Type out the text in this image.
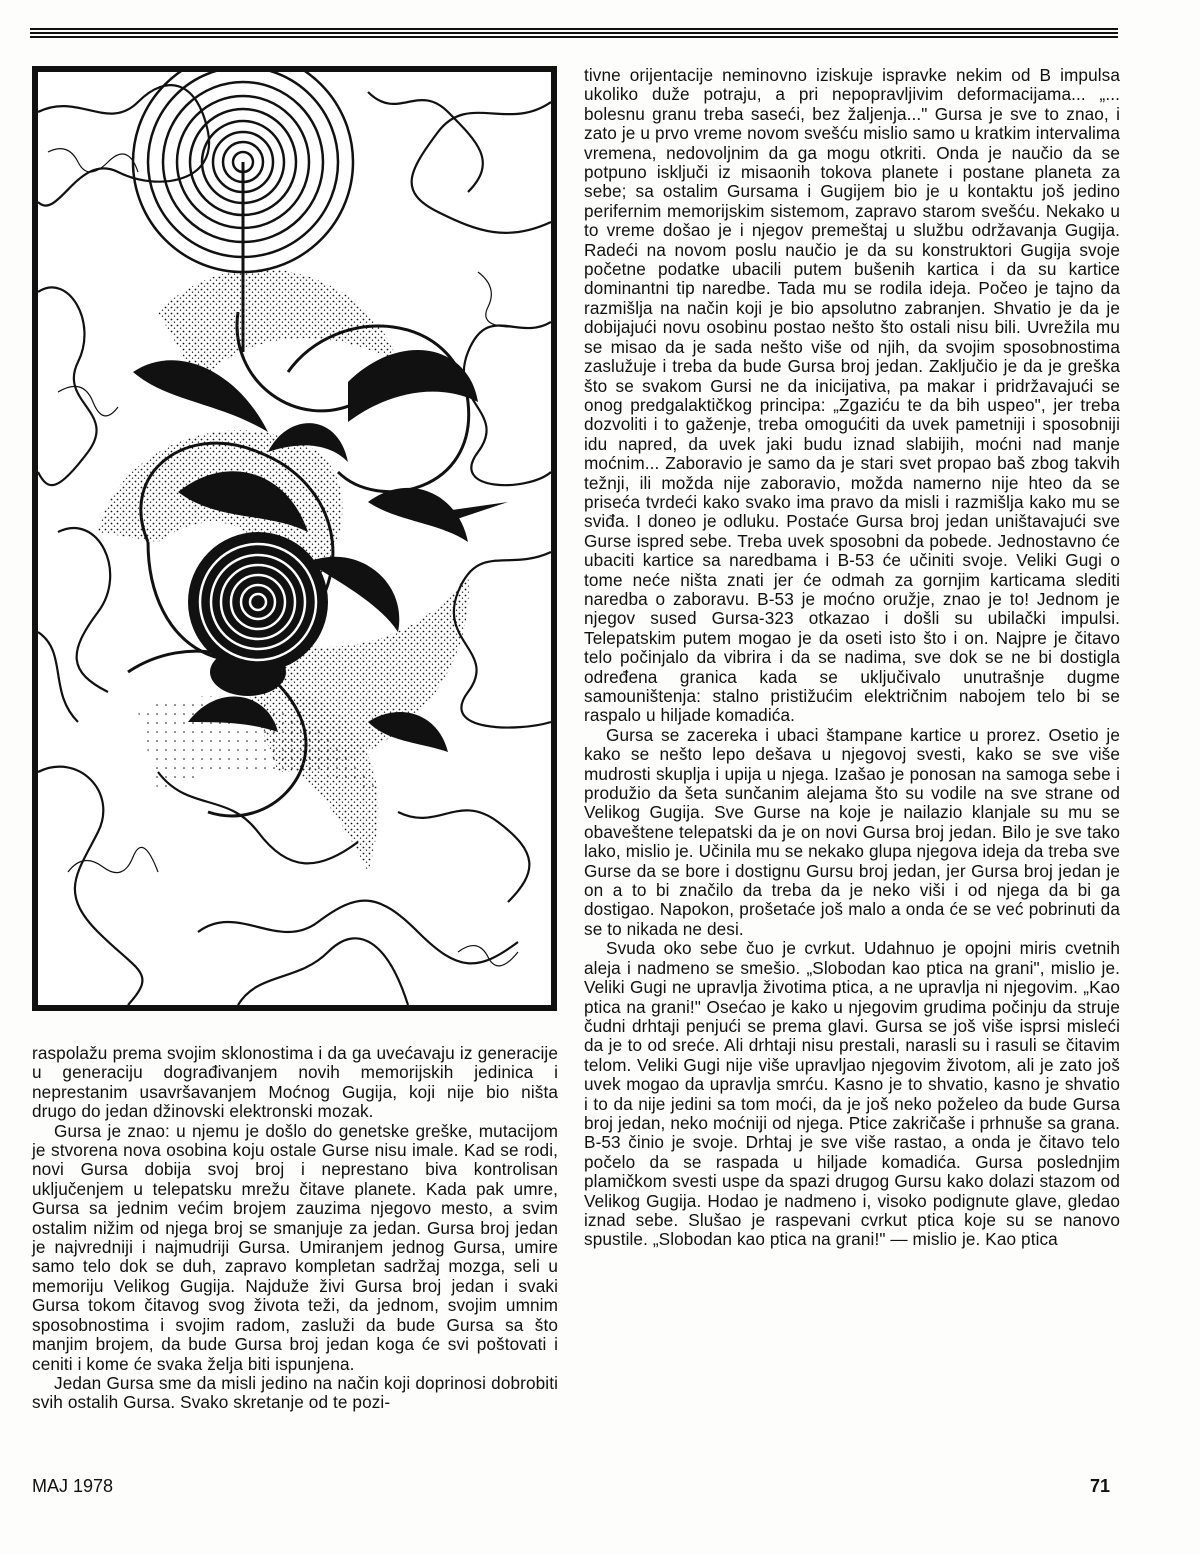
raspolažu prema svojim sklonostima i da ga uvećavaju iz generacije u generaciju dograđivanjem novih memorijskih jedinica i neprestanim usavršavanjem Moćnog Gugija, koji nije bio ništa drugo do jedan džinovski elektronski mozak.

Gursa je znao: u njemu je došlo do genetske greške, mutacijom je stvorena nova osobina koju ostale Gurse nisu imale. Kad se rodi, novi Gursa dobija svoj broj i neprestano biva kontrolisan uključenjem u telepatsku mrežu čitave planete. Kada pak umre, Gursa sa jednim većim brojem zauzima njegovo mesto, a svim ostalim nižim od njega broj se smanjuje za jedan. Gursa broj jedan je najvredniji i najmudriji Gursa. Umiranjem jednog Gursa, umire samo telo dok se duh, zapravo kompletan sadržaj mozga, seli u memoriju Velikog Gugija. Najduže živi Gursa broj jedan i svaki Gursa tokom čitavog svog života teži, da jednom, svojim umnim sposobnostima i svojim radom, zasluži da bude Gursa sa što manjim brojem, da bude Gursa broj jedan koga će svi poštovati i ceniti i kome će svaka želja biti ispunjena.

Jedan Gursa sme da misli jedino na način koji doprinosi dobrobiti svih ostalih Gursa. Svako skretanje od te pozi-

tivne orijentacije neminovno iziskuje ispravke nekim od B impulsa ukoliko duže potraju, a pri nepopravljivim deformacijama... „... bolesnu granu treba saseći, bez žaljenja..." Gursa je sve to znao, i zato je u prvo vreme novom svešću mislio samo u kratkim intervalima vremena, nedovoljnim da ga mogu otkriti. Onda je naučio da se potpuno isključi iz misaonih tokova planete i postane planeta za sebe; sa ostalim Gursama i Gugijem bio je u kontaktu još jedino perifernim memorijskim sistemom, zapravo starom svešću. Nekako u to vreme došao je i njegov premeštaj u službu održavanja Gugija. Radeći na novom poslu naučio je da su konstruktori Gugija svoje početne podatke ubacili putem bušenih kartica i da su kartice dominantni tip naredbe. Tada mu se rodila ideja. Počeo je tajno da razmišlja na način koji je bio apsolutno zabranjen. Shvatio je da je dobijajući novu osobinu postao nešto što ostali nisu bili. Uvrežila mu se misao da je sada nešto više od njih, da svojim sposobnostima zaslužuje i treba da bude Gursa broj jedan. Zaključio je da je greška što se svakom Gursi ne da inicijativa, pa makar i pridržavajući se onog predgalaktičkog principa: „Zgaziću te da bih uspeo", jer treba dozvoliti i to gaženje, treba omogućiti da uvek pametniji i sposobniji idu napred, da uvek jaki budu iznad slabijih, moćni nad manje moćnim... Zaboravio je samo da je stari svet propao baš zbog takvih težnji, ili možda nije zaboravio, možda namerno nije hteo da se priseća tvrdeći kako svako ima pravo da misli i razmišlja kako mu se sviđa. I doneo je odluku. Postaće Gursa broj jedan uništavajući sve Gurse ispred sebe. Treba uvek sposobni da pobede. Jednostavno će ubaciti kartice sa naredbama i B-53 će učiniti svoje. Veliki Gugi o tome neće ništa znati jer će odmah za gornjim karticama slediti naredba o zaboravu. B-53 je moćno oružje, znao je to! Jednom je njegov sused Gursa-323 otkazao i došli su ubilački impulsi. Telepatskim putem mogao je da oseti isto što i on. Najpre je čitavo telo počinjalo da vibrira i da se nadima, sve dok se ne bi dostigla određena granica kada se uključivalo unutrašnje dugme samouništenja: stalno pristižućim električnim nabojem telo bi se raspalo u hiljade komadića.

Gursa se zacereka i ubaci štampane kartice u prorez. Osetio je kako se nešto lepo dešava u njegovoj svesti, kako se sve više mudrosti skuplja i upija u njega. Izašao je ponosan na samoga sebe i produžio da šeta sunčanim alejama što su vodile na sve strane od Velikog Gugija. Sve Gurse na koje je nailazio klanjale su mu se obaveštene telepatski da je on novi Gursa broj jedan. Bilo je sve tako lako, mislio je. Učinila mu se nekako glupa njegova ideja da treba sve Gurse da se bore i dostignu Gursu broj jedan, jer Gursa broj jedan je on a to bi značilo da treba da je neko viši i od njega da bi ga dostigao. Napokon, prošetaće još malo a onda će se već pobrinuti da se to nikada ne desi.

Svuda oko sebe čuo je cvrkut. Udahnuo je opojni miris cvetnih aleja i nadmeno se smešio. „Slobodan kao ptica na grani", mislio je. Veliki Gugi ne upravlja životima ptica, a ne upravlja ni njegovim. „Kao ptica na grani!" Osećao je kako u njegovim grudima počinju da struje čudni drhtaji penjući se prema glavi. Gursa se još više isprsi misleći da je to od sreće. Ali drhtaji nisu prestali, narasli su i rasuli se čitavim telom. Veliki Gugi nije više upravljao njegovim životom, ali je zato još uvek mogao da upravlja smrću. Kasno je to shvatio, kasno je shvatio i to da nije jedini sa tom moći, da je još neko poželeo da bude Gursa broj jedan, neko moćniji od njega. Ptice zakričaše i prhnuše sa grana. B-53 činio je svoje. Drhtaj je sve više rastao, a onda je čitavo telo počelo da se raspada u hiljade komadića. Gursa poslednjim plamičkom svesti uspe da spazi drugog Gursu kako dolazi stazom od Velikog Gugija. Hodao je nadmeno i, visoko podignute glave, gledao iznad sebe. Slušao je raspevani cvrkut ptica koje su se nanovo spustile. „Slobodan kao ptica na grani!" — mislio je. Kao ptica

MAJ 1978	71
